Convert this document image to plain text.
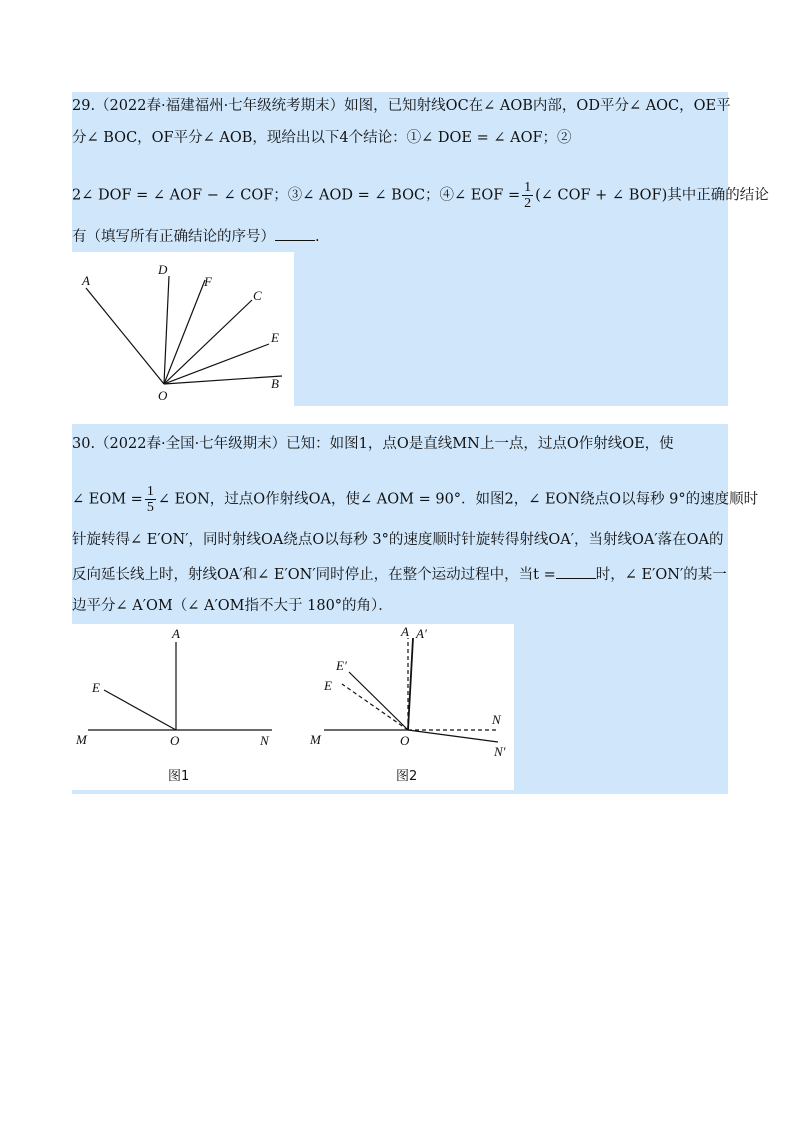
29.（2022春·福建福州·七年级统考期末）如图，已知射线OC在∠ AOB内部，OD平分∠ AOC，OE平
分∠ BOC，OF平分∠ AOB，现给出以下4个结论：①∠ DOE = ∠ AOF；②
2∠ DOF = ∠ AOF − ∠ COF；③∠ AOD = ∠ BOC；④∠ EOF = $\frac{1}{2}$ (∠ COF + ∠ BOF)其中正确的结论
有（填写所有正确结论的序号）	.
A
D
F
C
E
B
O
30.（2022春·全国·七年级期末）已知：如图1，点O是直线MN上一点，过点O作射线OE，使
∠ EOM = $\frac{1}{5}$ ∠ EON，过点O作射线OA，使∠ AOM = 90°．如图2，∠ EON绕点O以每秒 9°的速度顺时
针旋转得∠ E′ON′，同时射线OA绕点O以每秒 3°的速度顺时针旋转得射线OA′，当射线OA′落在OA的
反向延长线上时，射线OA′和∠ E′ON′同时停止，在整个运动过程中，当t =	时，∠ E′ON′的某一
边平分∠ A′OM（∠ A′OM指不大于 180°的角）．
A
E
M	O	N
图1
A A′
E′
E
M	O
N
N′
图2
